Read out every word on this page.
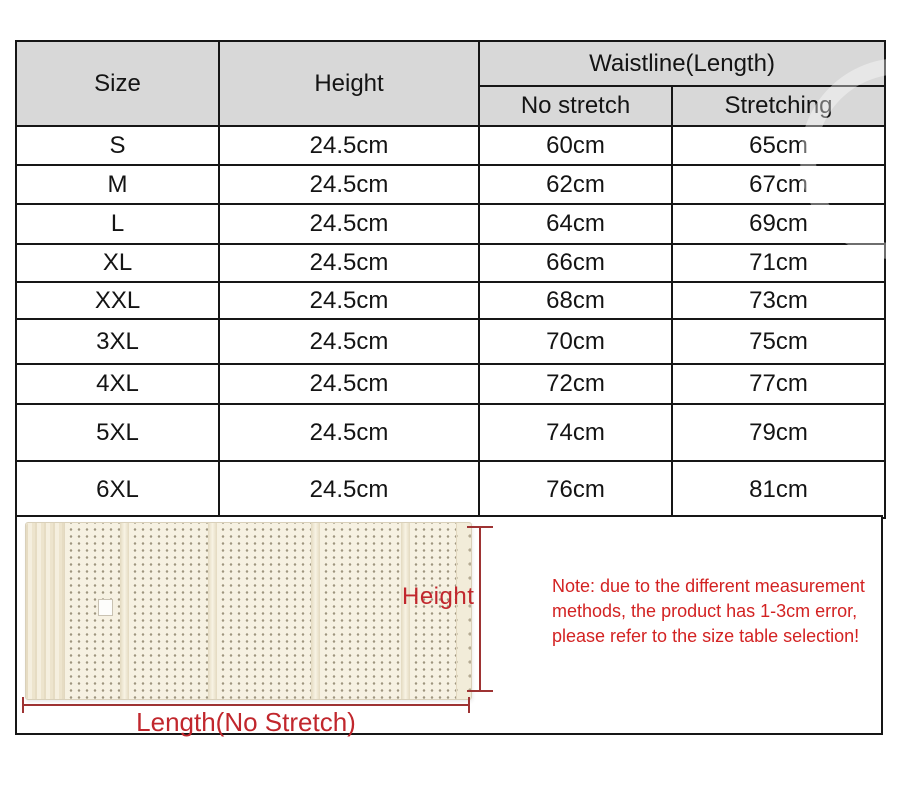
Size	Height	Waistline(Length)	
		No stretch	Stretching
S	24.5cm	60cm	65cm
M	24.5cm	62cm	67cm
L	24.5cm	64cm	69cm
XL	24.5cm	66cm	71cm
XXL	24.5cm	68cm	73cm
3XL	24.5cm	70cm	75cm
4XL	24.5cm	72cm	77cm
5XL	24.5cm	74cm	79cm
6XL	24.5cm	76cm	81cm
Height
Length(No Stretch)
Note: due to the different measurement
methods, the product has 1-3cm error,
please refer to the size table selection!
